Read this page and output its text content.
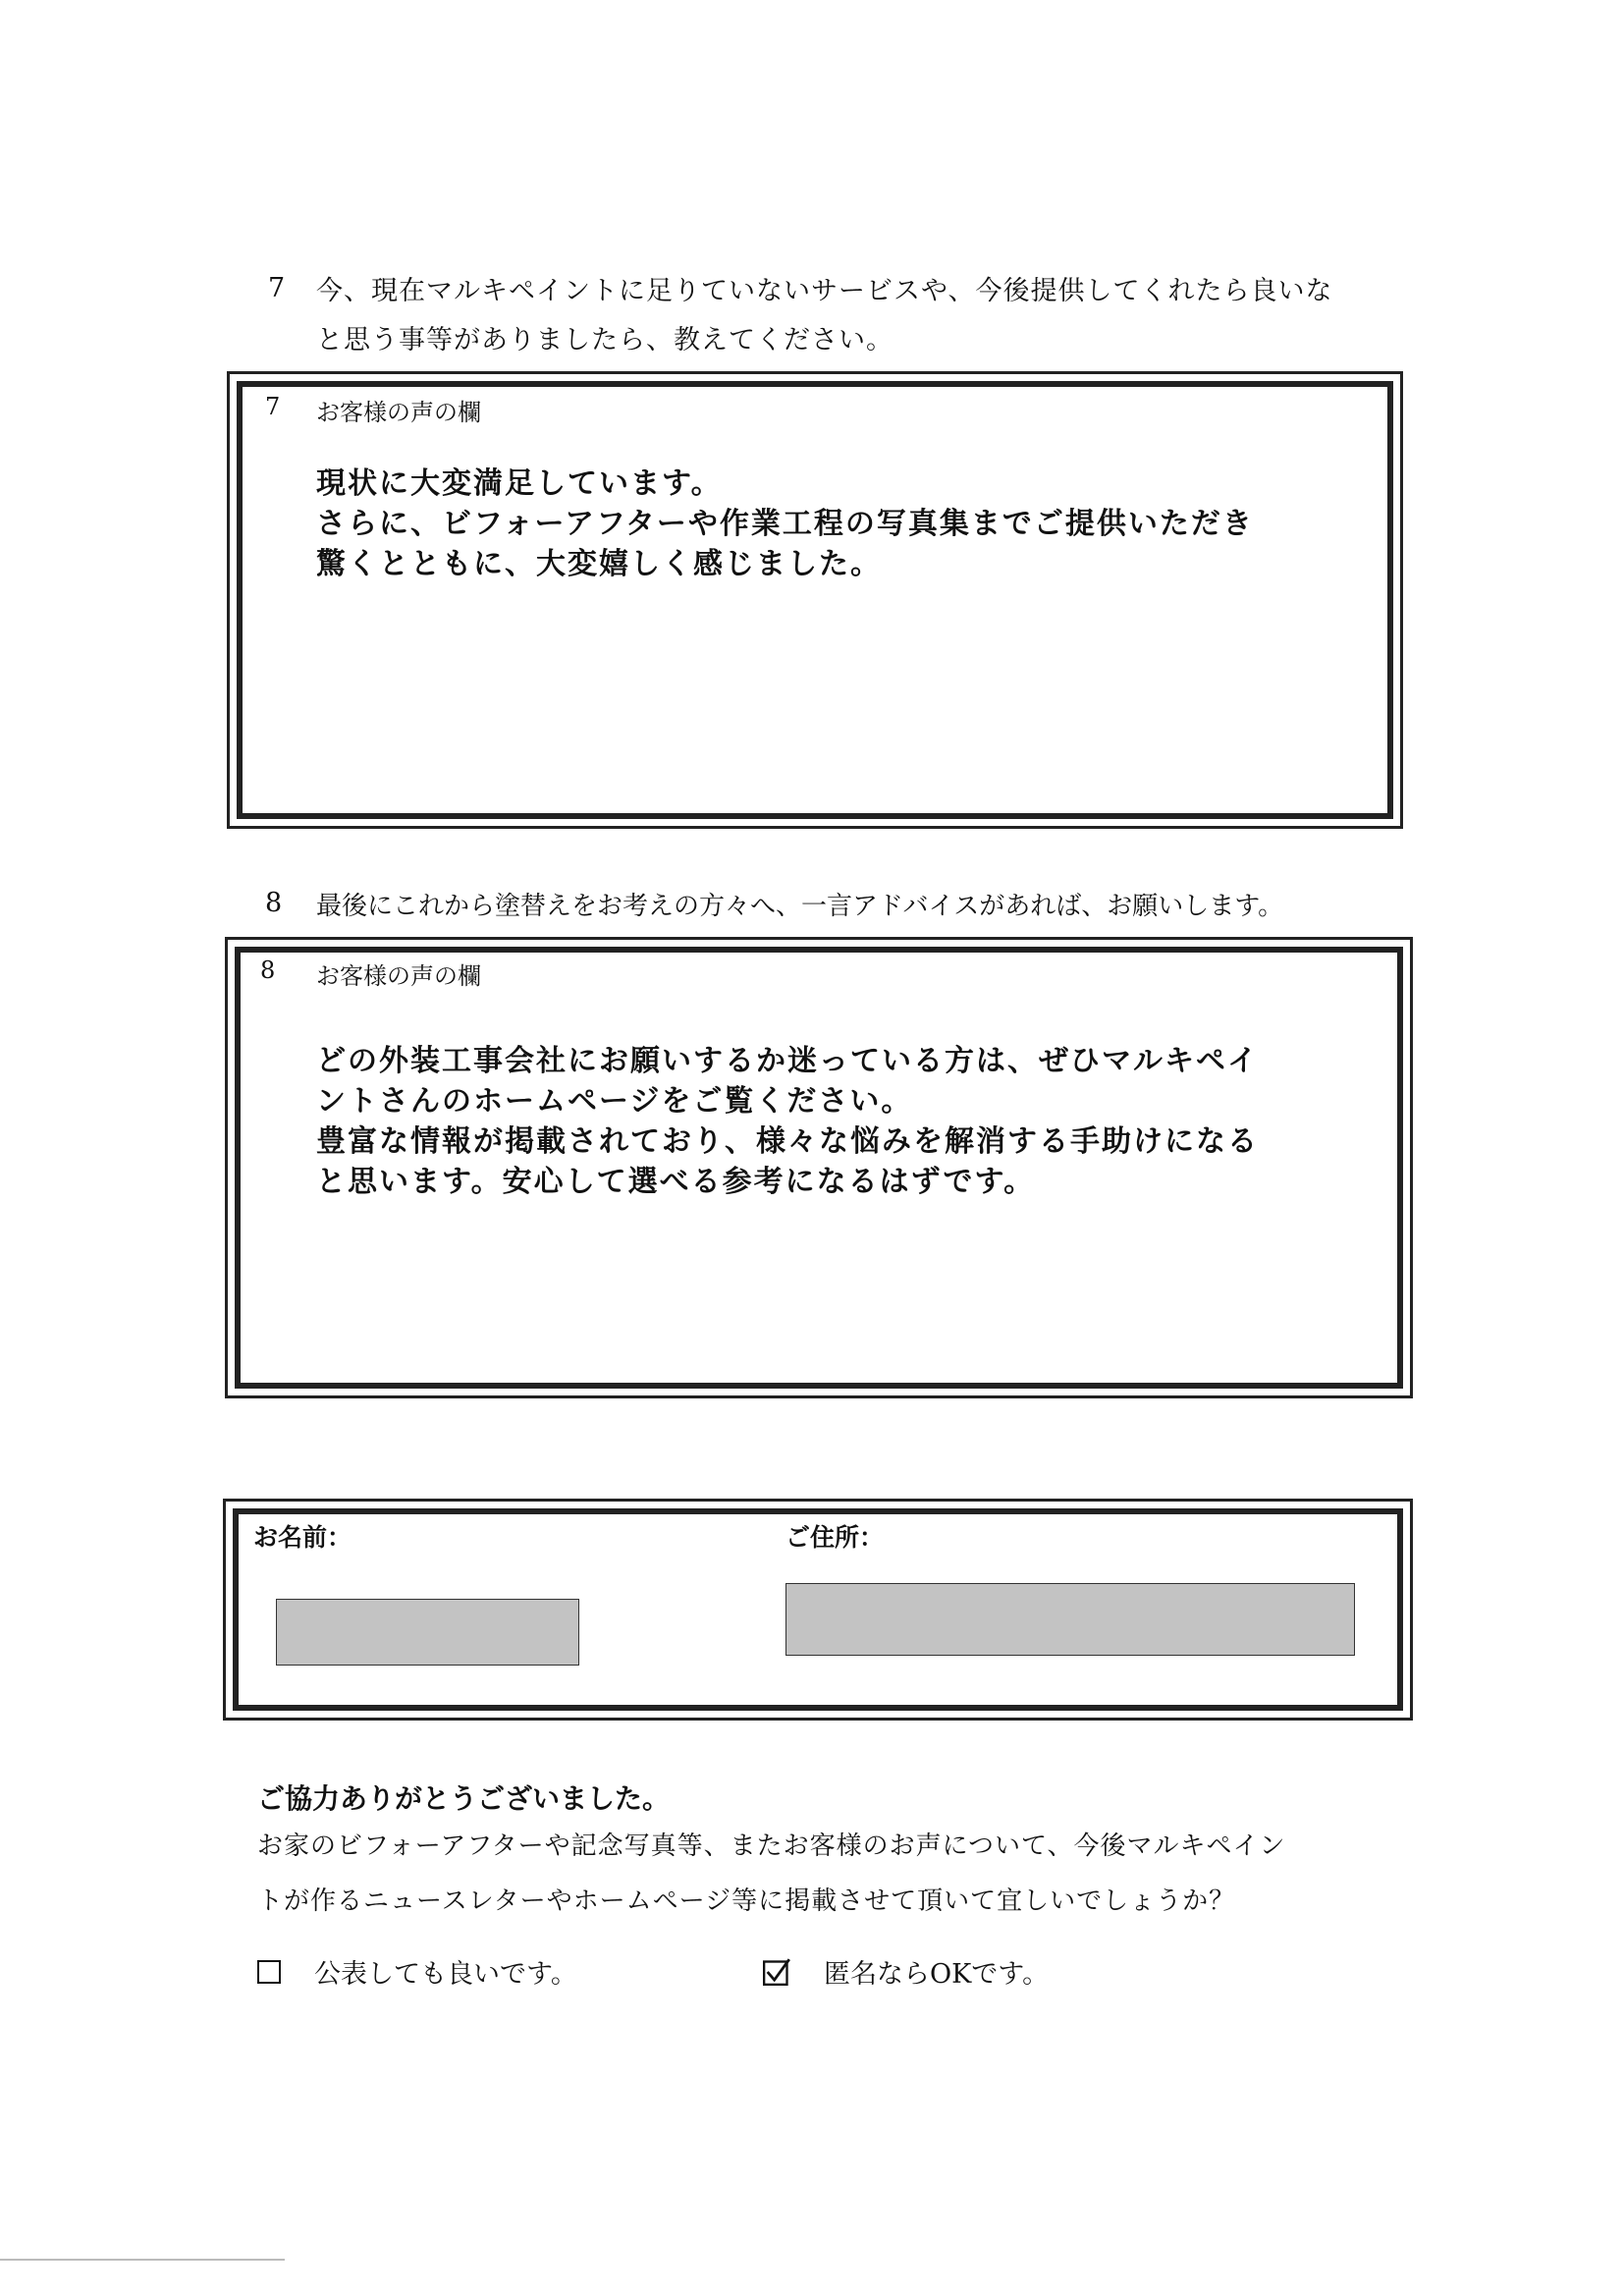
7 今、現在マルキペイントに足りていないサービスや、今後提供してくれたら良いな
と思う事等がありましたら、教えてください。
7 お客様の声の欄
現状に大変満足しています。
さらに、ビフォーアフターや作業工程の写真集までご提供いただき
驚くとともに、大変嬉しく感じました。
8 最後にこれから塗替えをお考えの方々へ、一言アドバイスがあれば、お願いします。
8 お客様の声の欄
どの外装工事会社にお願いするか迷っている方は、ぜひマルキペイ
ントさんのホームページをご覧ください。
豊富な情報が掲載されており、様々な悩みを解消する手助けになる
と思います。安心して選べる参考になるはずです。
お名前：	ご住所：
ご協力ありがとうございました。
お家のビフォーアフターや記念写真等、またお客様のお声について、今後マルキペイン
トが作るニュースレターやホームページ等に掲載させて頂いて宜しいでしょうか？
公表しても良いです。	匿名ならOKです。
